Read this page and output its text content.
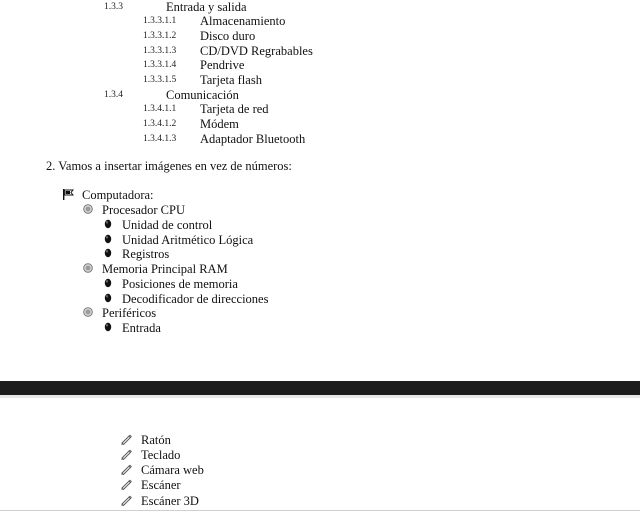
1.3.3	Entrada y salida
1.3.3.1.1 Almacenamiento
1.3.3.1.2 Disco duro
1.3.3.1.3 CD/DVD Regrabables
1.3.3.1.4 Pendrive
1.3.3.1.5 Tarjeta flash
1.3.4	Comunicación
1.3.4.1.1 Tarjeta de red
1.3.4.1.2 Módem
1.3.4.1.3 Adaptador Bluetooth
2. Vamos a insertar imágenes en vez de números:
Computadora:
Procesador CPU
Unidad de control
Unidad Aritmético Lógica
Registros
Memoria Principal RAM
Posiciones de memoria
Decodificador de direcciones
Periféricos
Entrada
Ratón
Teclado
Cámara web
Escáner
Escáner 3D
